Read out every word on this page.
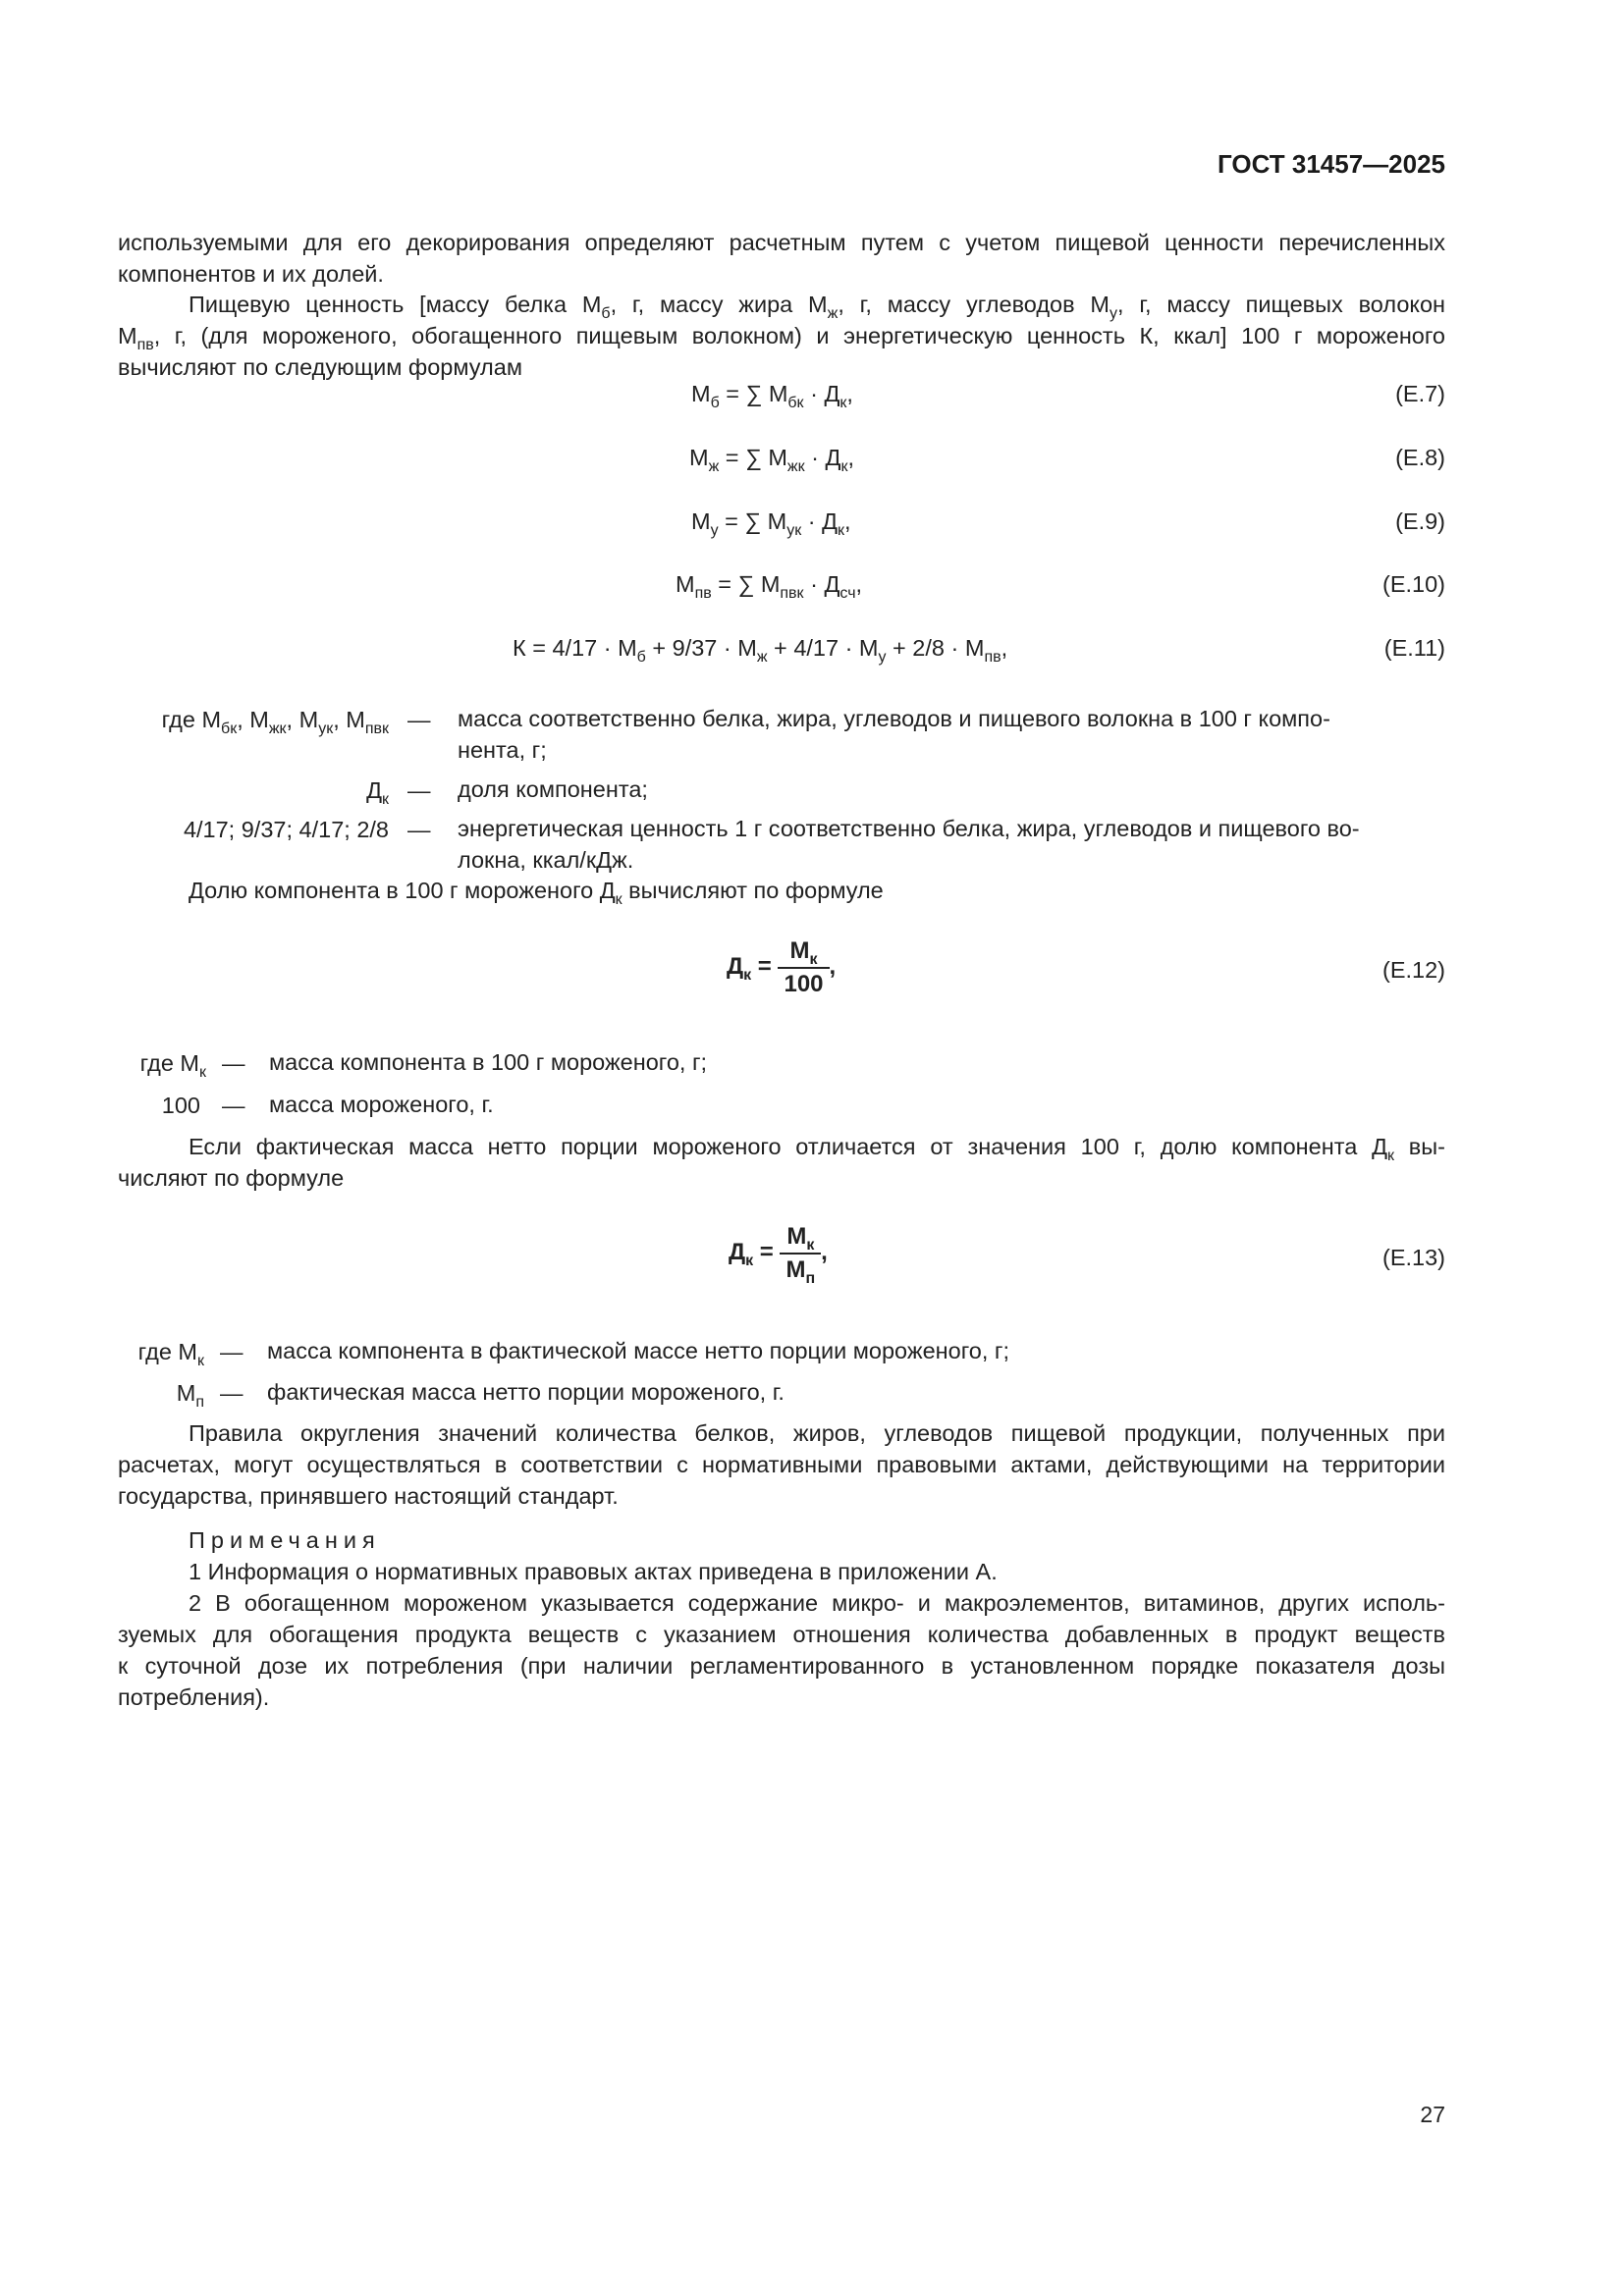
ГОСТ 31457—2025
используемыми для его декорирования определяют расчетным путем с учетом пищевой ценности перечисленных
компонентов и их долей.
Пищевую ценность [массу белка $М_б$, г, массу жира $М_ж$, г, массу углеводов $М_у$, г, массу пищевых волокон
$М_{пв}$, г, (для мороженого, обогащенного пищевым волокном) и энергетическую ценность К, ккал] 100 г мороженого
вычисляют по следующим формулам
$М_б$ = ∑ $М_{бк} \cdot Д_к$,	(Е.7)
$М_ж$ = ∑ $М_{жк} \cdot Д_к$,	(Е.8)
$М_у$ = ∑ $М_{ук} \cdot Д_к$,	(Е.9)
$М_{пв}$ = ∑ $М_{пвк} \cdot Д_{сч}$,	(Е.10)
$К = 4/17 \cdot М_б + 9/37 \cdot М_ж + 4/17 \cdot М_у + 2/8 \cdot М_{пв}$,	(Е.11)
где $М_{бк}$, $М_{жк}$, $М_{ук}$, $М_{пвк}$ — масса соответственно белка, жира, углеводов и пищевого волокна в 100 г компо-
нента, г;
$Д_к$ — доля компонента;
4/17; 9/37; 4/17; 2/8 — энергетическая ценность 1 г соответственно белка, жира, углеводов и пищевого во-
локна, ккал/кДж.
Долю компонента в 100 г мороженого $Д_к$ вычисляют по формуле
$Д_к = \frac{М_к}{100}$ ,	(Е.12)
где $М_к$ — масса компонента в 100 г мороженого, г;
100 — масса мороженого, г.
Если фактическая масса нетто порции мороженого отличается от значения 100 г, долю компонента $Д_к$ вы-
числяют по формуле
$Д_к = \frac{М_к}{М_п}$ ,	(Е.13)
где $М_к$ — масса компонента в фактической массе нетто порции мороженого, г;
$М_п$ — фактическая масса нетто порции мороженого, г.
Правила округления значений количества белков, жиров, углеводов пищевой продукции, полученных при
расчетах, могут осуществляться в соответствии с нормативными правовыми актами, действующими на территории
государства, принявшего настоящий стандарт.
Примечания
1 Информация о нормативных правовых актах приведена в приложении А.
2 В обогащенном мороженом указывается содержание микро- и макроэлементов, витаминов, других исполь-
зуемых для обогащения продукта веществ с указанием отношения количества добавленных в продукт веществ
к суточной дозе их потребления (при наличии регламентированного в установленном порядке показателя дозы
потребления).
27
